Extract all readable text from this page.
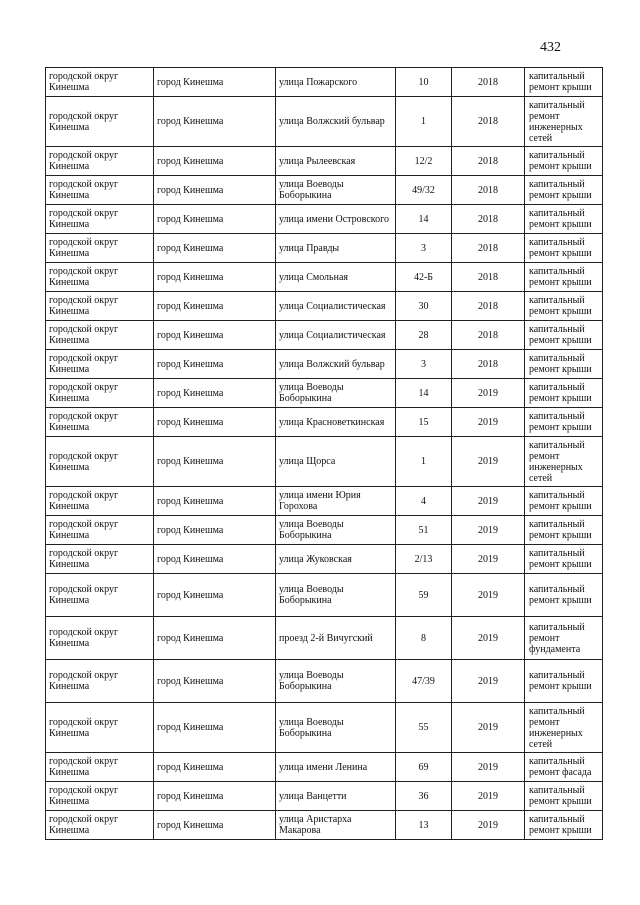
432
городской округ Кинешма	город Кинешма	улица Пожарского	10	2018	капитальный ремонт крыши
городской округ Кинешма	город Кинешма	улица Волжский бульвар	1	2018	капитальный ремонт инженерных сетей
городской округ Кинешма	город Кинешма	улица Рылеевская	12/2	2018	капитальный ремонт крыши
городской округ Кинешма	город Кинешма	улица Воеводы Боборыкина	49/32	2018	капитальный ремонт крыши
городской округ Кинешма	город Кинешма	улица имени Островского	14	2018	капитальный ремонт крыши
городской округ Кинешма	город Кинешма	улица Правды	3	2018	капитальный ремонт крыши
городской округ Кинешма	город Кинешма	улица Смольная	42-Б	2018	капитальный ремонт крыши
городской округ Кинешма	город Кинешма	улица Социалистическая	30	2018	капитальный ремонт крыши
городской округ Кинешма	город Кинешма	улица Социалистическая	28	2018	капитальный ремонт крыши
городской округ Кинешма	город Кинешма	улица Волжский бульвар	3	2018	капитальный ремонт крыши
городской округ Кинешма	город Кинешма	улица Воеводы Боборыкина	14	2019	капитальный ремонт крыши
городской округ Кинешма	город Кинешма	улица Красноветкинская	15	2019	капитальный ремонт крыши
городской округ Кинешма	город Кинешма	улица Щорса	1	2019	капитальный ремонт инженерных сетей
городской округ Кинешма	город Кинешма	улица имени Юрия Горохова	4	2019	капитальный ремонт крыши
городской округ Кинешма	город Кинешма	улица Воеводы Боборыкина	51	2019	капитальный ремонт крыши
городской округ Кинешма	город Кинешма	улица Жуковская	2/13	2019	капитальный ремонт крыши
городской округ Кинешма	город Кинешма	улица Воеводы Боборыкина	59	2019	капитальный ремонт крыши
городской округ Кинешма	город Кинешма	проезд 2-й Вичугский	8	2019	капитальный ремонт фундамента
городской округ Кинешма	город Кинешма	улица Воеводы Боборыкина	47/39	2019	капитальный ремонт крыши
городской округ Кинешма	город Кинешма	улица Воеводы Боборыкина	55	2019	капитальный ремонт инженерных сетей
городской округ Кинешма	город Кинешма	улица имени Ленина	69	2019	капитальный ремонт фасада
городской округ Кинешма	город Кинешма	улица Ванцетти	36	2019	капитальный ремонт крыши
городской округ Кинешма	город Кинешма	улица Аристарха Макарова	13	2019	капитальный ремонт крыши
